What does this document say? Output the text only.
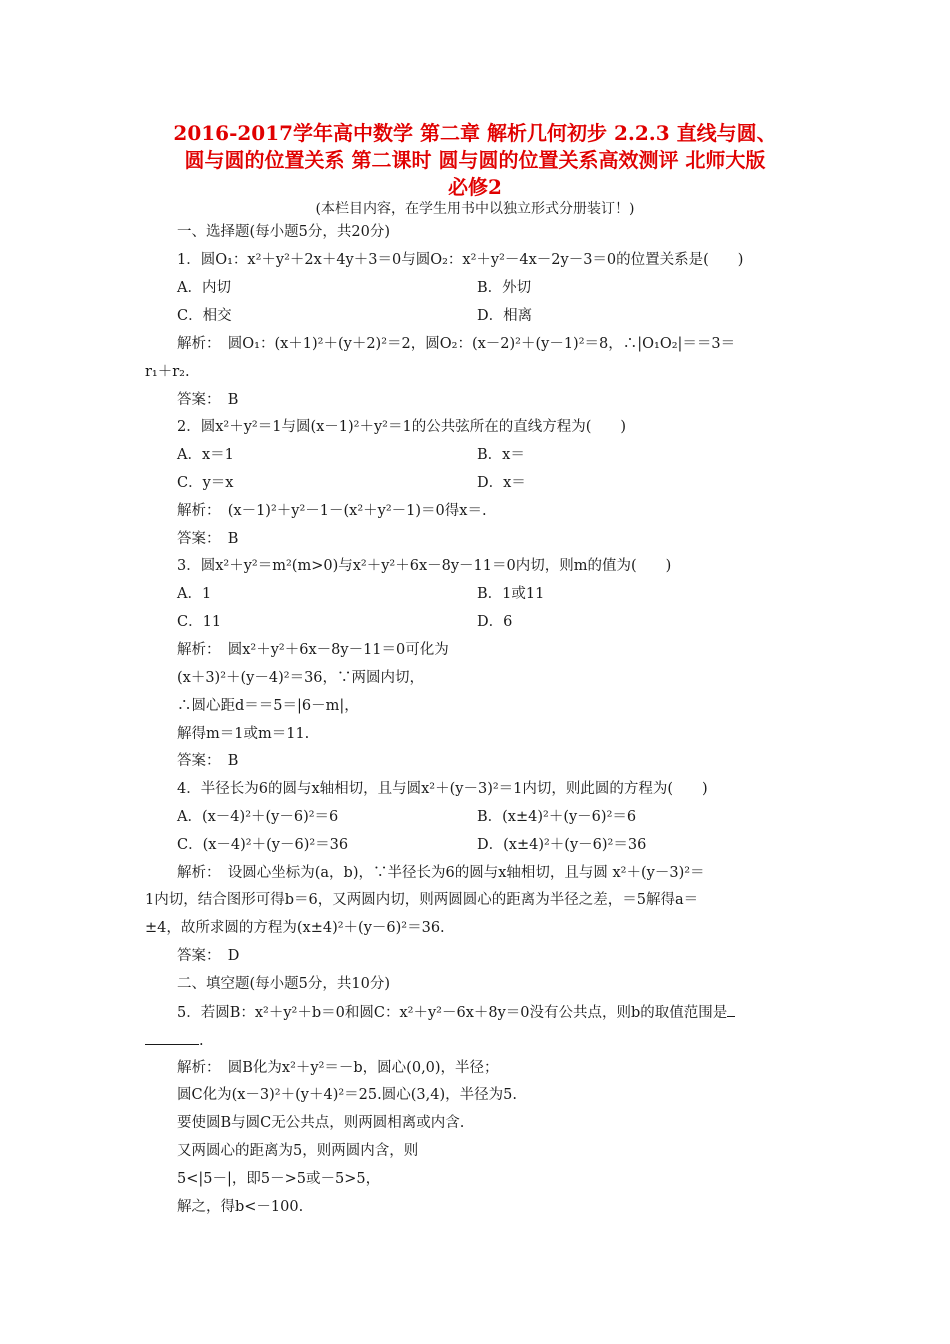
2016-2017学年高中数学 第二章 解析几何初步 2.2.3 直线与圆、
圆与圆的位置关系 第二课时 圆与圆的位置关系高效测评 北师大版
必修2
(本栏目内容，在学生用书中以独立形式分册装订！)
一、选择题(每小题5分，共20分)
1．圆O₁：x²＋y²＋2x＋4y＋3＝0与圆O₂：x²＋y²－4x－2y－3＝0的位置关系是(　　)
A．内切	B．外切
C．相交	D．相离
解析：　圆O₁：(x＋1)²＋(y＋2)²＝2，圆O₂：(x－2)²＋(y－1)²＝8，∴|O₁O₂|＝＝3＝
r₁＋r₂.
答案：　B
2．圆x²＋y²＝1与圆(x－1)²＋y²＝1的公共弦所在的直线方程为(　　)
A．x＝1	B．x＝
C．y＝x	D．x＝
解析：　(x－1)²＋y²－1－(x²＋y²－1)＝0得x＝.
答案：　B
3．圆x²＋y²＝m²(m>0)与x²＋y²＋6x－8y－11＝0内切，则m的值为(　　)
A．1	B．1或11
C．11	D．6
解析：　圆x²＋y²＋6x－8y－11＝0可化为
(x＋3)²＋(y－4)²＝36，∵两圆内切，
∴圆心距d＝＝5＝|6－m|，
解得m＝1或m＝11.
答案：　B
4．半径长为6的圆与x轴相切，且与圆x²＋(y－3)²＝1内切，则此圆的方程为(　　)
A．(x－4)²＋(y－6)²＝6	B．(x±4)²＋(y－6)²＝6
C．(x－4)²＋(y－6)²＝36	D．(x±4)²＋(y－6)²＝36
解析：　设圆心坐标为(a，b)，∵半径长为6的圆与x轴相切，且与圆 x²＋(y－3)²＝
1内切，结合图形可得b＝6，又两圆内切，则两圆圆心的距离为半径之差，＝5解得a＝
±4，故所求圆的方程为(x±4)²＋(y－6)²＝36.
答案：　D
二、填空题(每小题5分，共10分)
5．若圆B：x²＋y²＋b＝0和圆C：x²＋y²－6x＋8y＝0没有公共点，则b的取值范围是
.
解析：　圆B化为x²＋y²＝－b，圆心(0,0)，半径；
圆C化为(x－3)²＋(y＋4)²＝25.圆心(3,4)，半径为5.
要使圆B与圆C无公共点，则两圆相离或内含.
又两圆心的距离为5，则两圆内含，则
5<|5－|，即5－>5或－5>5，
解之，得b<－100.
